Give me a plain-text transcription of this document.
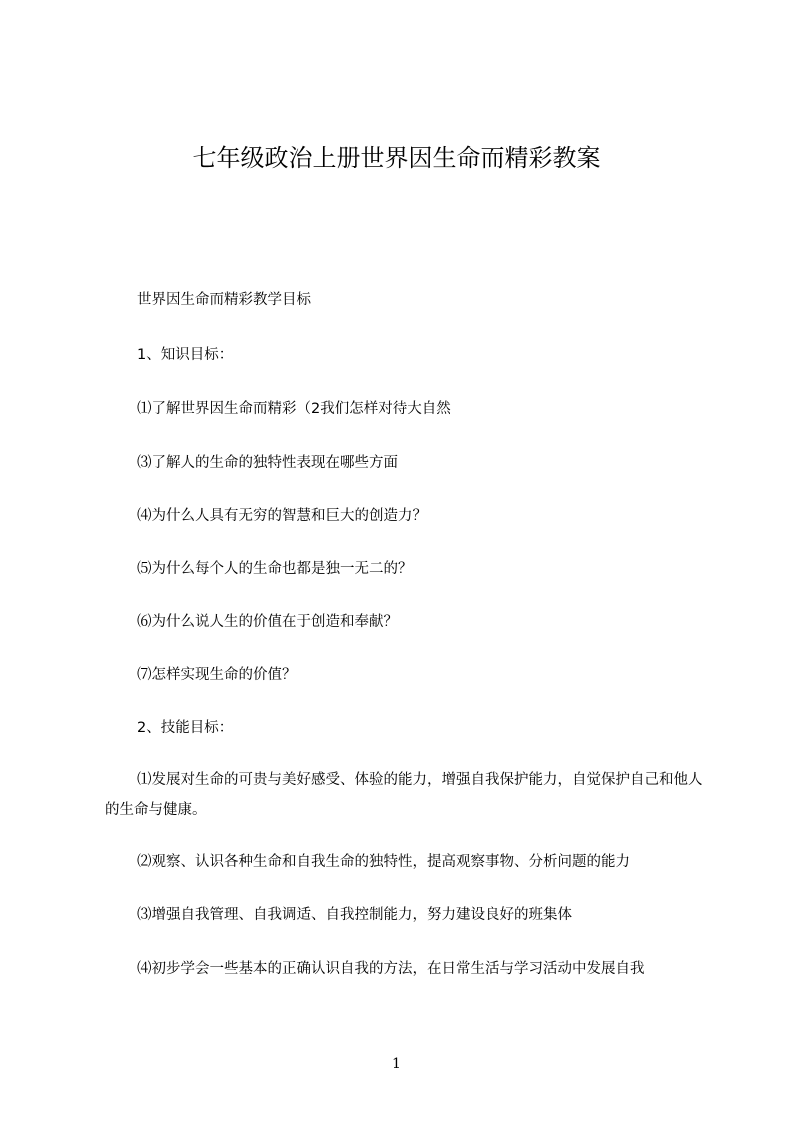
七年级政治上册世界因生命而精彩教案

世界因生命而精彩教学目标

1、知识目标：

⑴了解世界因生命而精彩（2我们怎样对待大自然

⑶了解人的生命的独特性表现在哪些方面

⑷为什么人具有无穷的智慧和巨大的创造力？

⑸为什么每个人的生命也都是独一无二的？

⑹为什么说人生的价值在于创造和奉献？

⑺怎样实现生命的价值？

2、技能目标：

⑴发展对生命的可贵与美好感受、体验的能力，增强自我保护能力，自觉保护自己和他人的生命与健康。

⑵观察、认识各种生命和自我生命的独特性，提高观察事物、分析问题的能力

⑶增强自我管理、自我调适、自我控制能力，努力建设良好的班集体

⑷初步学会一些基本的正确认识自我的方法，在日常生活与学习活动中发展自我

1
